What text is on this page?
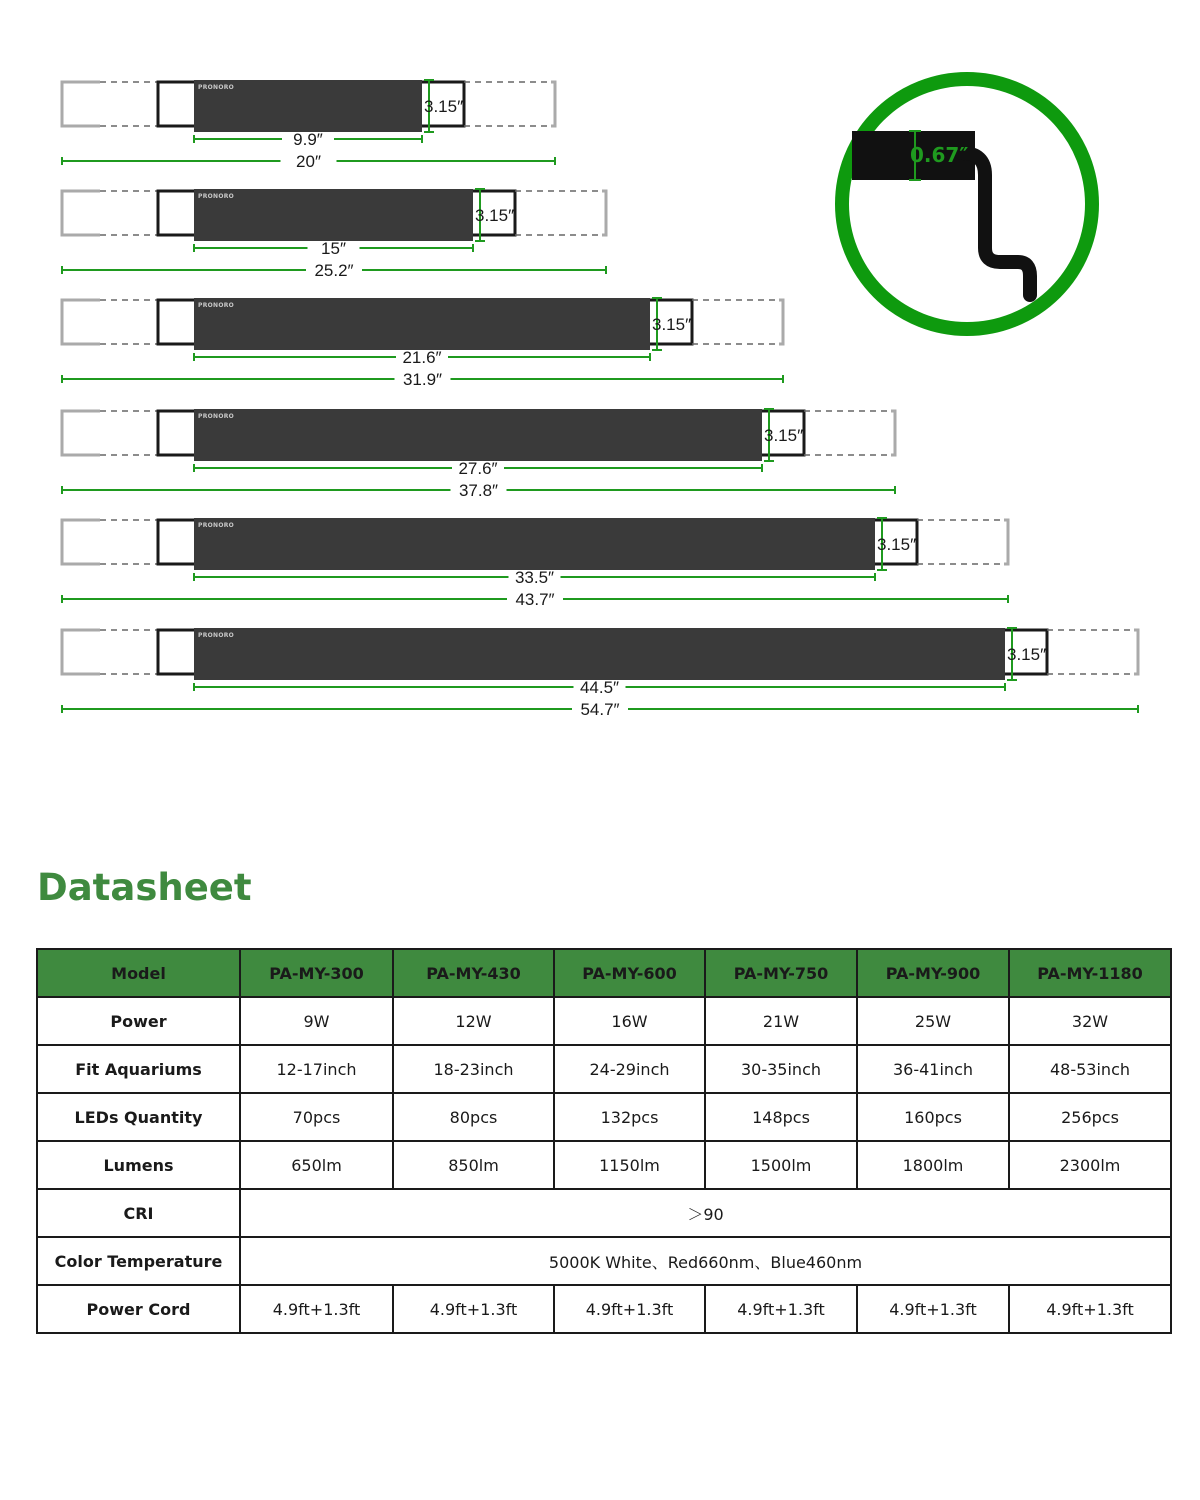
PRONORO
3.15″
9.9″
20″
PRONORO
3.15″
15″
25.2″
PRONORO
3.15″
21.6″
31.9″
PRONORO
3.15″
27.6″
37.8″
PRONORO
3.15″
33.5″
43.7″
PRONORO
3.15″
44.5″
54.7″
0.67″
Datasheet
Model	PA-MY-300	PA-MY-430	PA-MY-600	PA-MY-750	PA-MY-900	PA-MY-1180
Power	9W	12W	16W	21W	25W	32W
Fit Aquariums	12-17inch	18-23inch	24-29inch	30-35inch	36-41inch	48-53inch
LEDs Quantity	70pcs	80pcs	132pcs	148pcs	160pcs	256pcs
Lumens	650lm	850lm	1150lm	1500lm	1800lm	2300lm
CRI	＞90					
Color Temperature	5000K White、Red660nm、Blue460nm					
Power Cord	4.9ft+1.3ft	4.9ft+1.3ft	4.9ft+1.3ft	4.9ft+1.3ft	4.9ft+1.3ft	4.9ft+1.3ft
